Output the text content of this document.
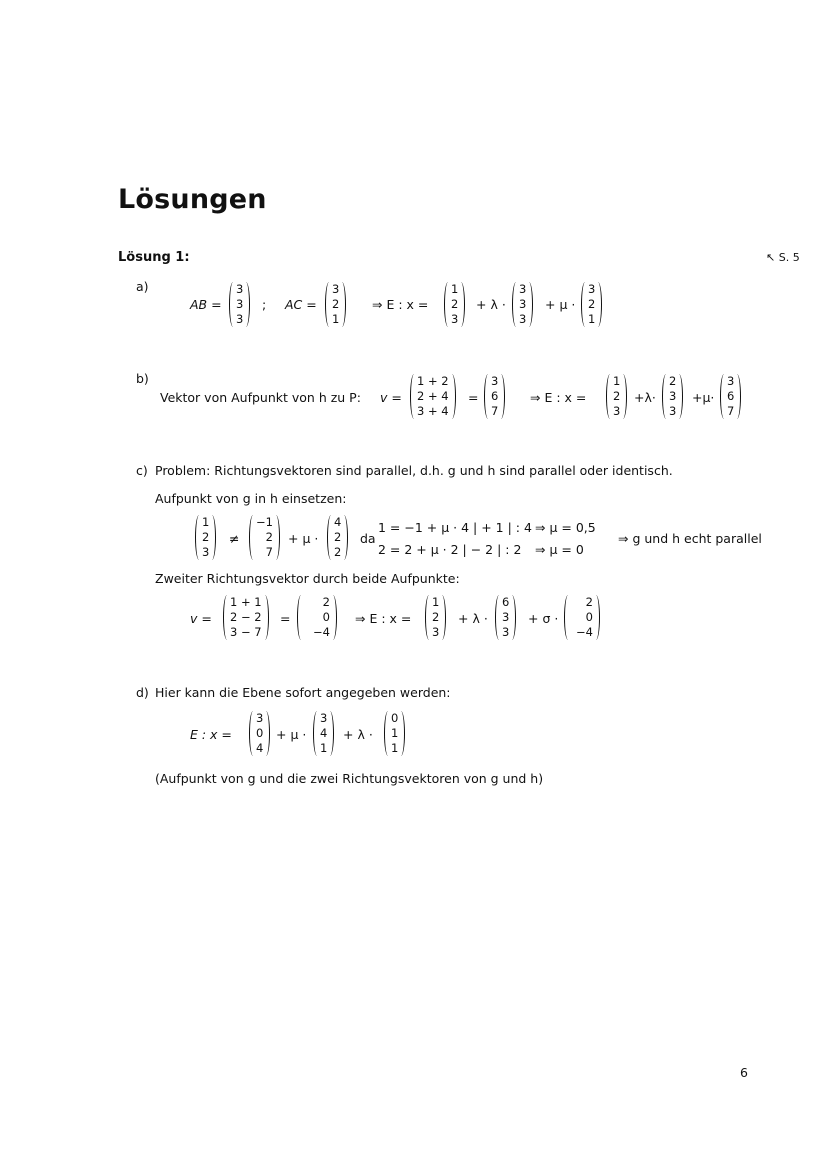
Lösungen
Lösung 1:	↖ S. 5
a)
AB =
3
3
3
; AC =
3
2
1
⇒ E : x =
1
2
3
+ λ ·
3
3
3
+ μ ·
3
2
1
b)
Vektor von Aufpunkt von h zu P: v =
1 + 2
2 + 4
3 + 4
=
3
6
7
⇒ E : x =
1
2
3
+λ·
2
3
3
+μ·
3
6
7
c) Problem: Richtungsvektoren sind parallel, d.h. g und h sind parallel oder identisch.
Aufpunkt von g in h einsetzen:
1
2
3
≠
−1
2
7
+ μ ·
4
2
2
da
1 = −1 + μ · 4 | + 1 | : 4
2 = 2 + μ · 2 | − 2 | : 2
⇒ μ = 0,5
⇒ μ = 0
⇒ g und h echt parallel
Zweiter Richtungsvektor durch beide Aufpunkte:
v =
1 + 1
2 − 2
3 − 7
=
2
0
−4
⇒ E : x =
1
2
3
+ λ ·
6
3
3
+ σ ·
2
0
−4
d) Hier kann die Ebene sofort angegeben werden:
E : x =
3
0
4
+ μ ·
3
4
1
+ λ ·
0
1
1
(Aufpunkt von g und die zwei Richtungsvektoren von g und h)
6
